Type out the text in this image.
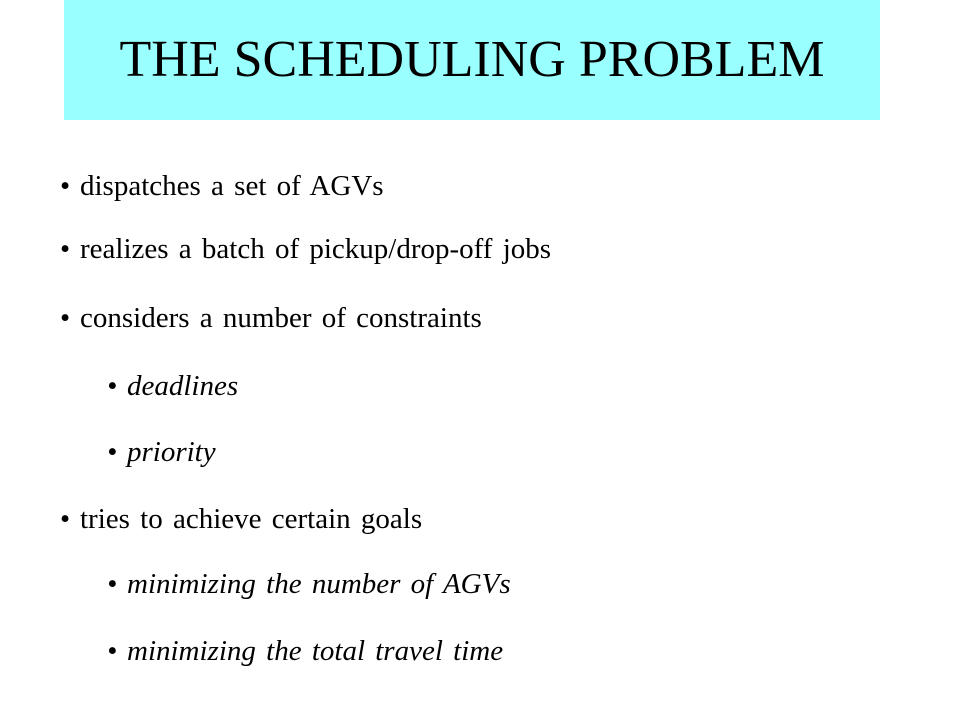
THE SCHEDULING PROBLEM
• dispatches a set of AGVs
• realizes a batch of pickup/drop-off jobs
• considers a number of constraints
• deadlines
• priority
• tries to achieve certain goals
• minimizing the number of AGVs
• minimizing the total travel time
